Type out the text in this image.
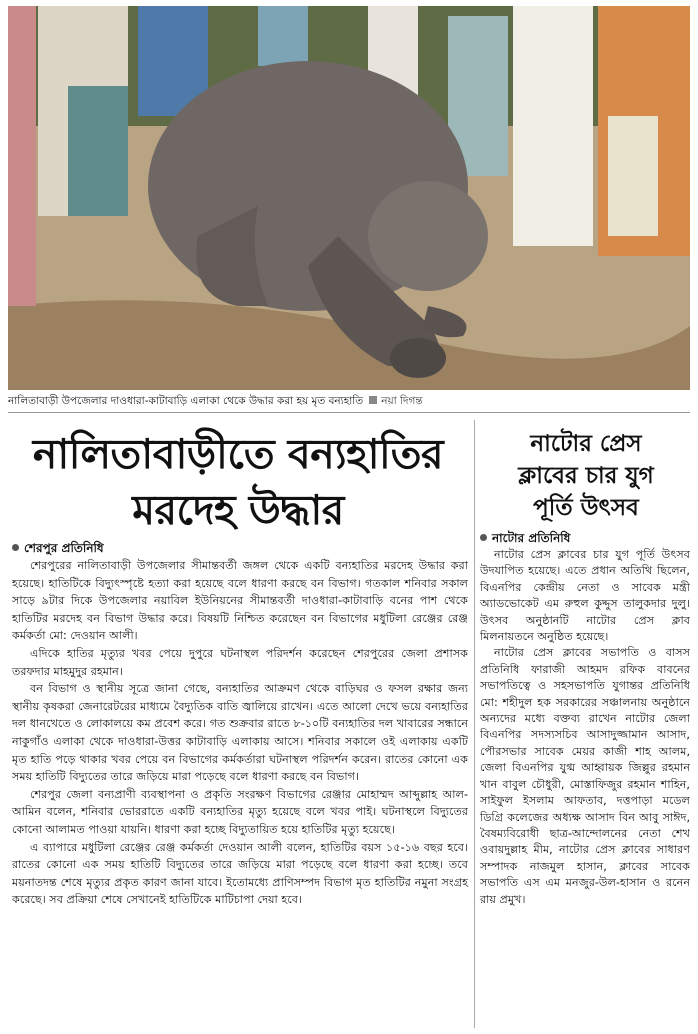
নালিতাবাড়ী উপজেলার দাওধারা-কাটাবাড়ি এলাকা থেকে উদ্ধার করা হয় মৃত বন্যহাতি নয়া দিগন্ত
নালিতাবাড়ীতে বন্যহাতির
মরদেহ উদ্ধার
শেরপুর প্রতিনিধি

শেরপুরের নালিতাবাড়ী উপজেলার সীমান্তবর্তী জঙ্গল থেকে একটি বন্যহাতির মরদেহ উদ্ধার করা হয়েছে। হাতিটিকে বিদ্যুৎস্পৃষ্টে হত্যা করা হয়েছে বলে ধারণা করছে বন বিভাগ। গতকাল শনিবার সকাল সাড়ে ৯টার দিকে উপজেলার নয়াবিল ইউনিয়নের সীমান্তবর্তী দাওধারা-কাটাবাড়ি বনের পাশ থেকে হাতিটির মরদেহ বন বিভাগ উদ্ধার করে। বিষয়টি নিশ্চিত করেছেন বন বিভাগের মধুটিলা রেঞ্জের রেঞ্জ কর্মকর্তা মো: দেওয়ান আলী।

এদিকে হাতির মৃত্যুর খবর পেয়ে দুপুরে ঘটনাস্থল পরিদর্শন করেছেন শেরপুরের জেলা প্রশাসক তরফদার মাহমুদুর রহমান।

বন বিভাগ ও স্থানীয় সূত্রে জানা গেছে, বন্যহাতির আক্রমণ থেকে বাড়িঘর ও ফসল রক্ষার জন্য স্থানীয় কৃষকরা জেনারেটরের মাধ্যমে বৈদ্যুতিক বাতি জ্বালিয়ে রাখেন। এতে আলো দেখে ভয়ে বন্যহাতির দল ধানখেতে ও লোকালয়ে কম প্রবেশ করে। গত শুক্রবার রাতে ৮-১০টি বন্যহাতির দল খাবারের সন্ধানে নাকুগাঁও এলাকা থেকে দাওধারা-উত্তর কাটাবাড়ি এলাকায় আসে। শনিবার সকালে ওই এলাকায় একটি মৃত হাতি পড়ে থাকার খবর পেয়ে বন বিভাগের কর্মকর্তারা ঘটনাস্থল পরিদর্শন করেন। রাতের কোনো এক সময় হাতিটি বিদ্যুতের তারে জড়িয়ে মারা পড়েছে বলে ধারণা করছে বন বিভাগ।

শেরপুর জেলা বন্যপ্রাণী ব্যবস্থাপনা ও প্রকৃতি সংরক্ষণ বিভাগের রেঞ্জার মোহাম্মদ আব্দুল্লাহ আল-আমিন বলেন, শনিবার ভোররাতে একটি বন্যহাতির মৃত্যু হয়েছে বলে খবর পাই। ঘটনাস্থলে বিদ্যুতের কোনো আলামত পাওয়া যায়নি। ধারণা করা হচ্ছে বিদ্যুতায়িত হয়ে হাতিটির মৃত্যু হয়েছে।

এ ব্যাপারে মধুটিলা রেঞ্জের রেঞ্জ কর্মকর্তা দেওয়ান আলী বলেন, হাতিটির বয়স ১৫-১৬ বছর হবে। রাতের কোনো এক সময় হাতিটি বিদ্যুতের তারে জড়িয়ে মারা পড়েছে বলে ধারণা করা হচ্ছে। তবে ময়নাতদন্ত শেষে মৃত্যুর প্রকৃত কারণ জানা যাবে। ইতোমধ্যে প্রাণিসম্পদ বিভাগ মৃত হাতিটির নমুনা সংগ্রহ করেছে। সব প্রক্রিয়া শেষে সেখানেই হাতিটিকে মাটিচাপা দেয়া হবে।

নাটোর প্রেস
ক্লাবের চার যুগ
পূর্তি উৎসব
নাটোর প্রতিনিধি

নাটোর প্রেস ক্লাবের চার যুগ পূর্তি উৎসব উদযাপিত হয়েছে। এতে প্রধান অতিথি ছিলেন, বিএনপির কেন্দ্রীয় নেতা ও সাবেক মন্ত্রী অ্যাডভোকেট এম রুহুল কুদ্দুস তালুকদার দুলু। উৎসব অনুষ্ঠানটি নাটোর প্রেস ক্লাব মিলনায়তনে অনুষ্ঠিত হয়েছে।

নাটোর প্রেস ক্লাবের সভাপতি ও বাসস প্রতিনিধি ফারাজী আহমদ রফিক বাবনের সভাপতিত্বে ও সহসভাপতি যুগান্তর প্রতিনিধি মো: শহীদুল হক সরকারের সঞ্চালনায় অনুষ্ঠানে অন্যদের মধ্যে বক্তব্য রাখেন নাটোর জেলা বিএনপির সদস্যসচিব আসাদুজ্জামান আসাদ, পৌরসভার সাবেক মেয়র কাজী শাহ আলম, জেলা বিএনপির যুগ্ম আহ্বায়ক জিল্লুর রহমান খান বাবুল চৌধুরী, মোস্তাফিজুর রহমান শাহিন, সাইফুল ইসলাম আফতাব, দত্তপাড়া মডেল ডিগ্রি কলেজের অধ্যক্ষ আসাদ বিন আবু সাঈদ, বৈষম্যবিরোধী ছাত্র-আন্দোলনের নেতা শেখ ওবায়দুল্লাহ মীম, নাটোর প্রেস ক্লাবের সাধারণ সম্পাদক নাজমুল হাসান, ক্লাবের সাবেক সভাপতি এস এম মনজুর-উল-হাসান ও রনেন রায় প্রমুখ।
